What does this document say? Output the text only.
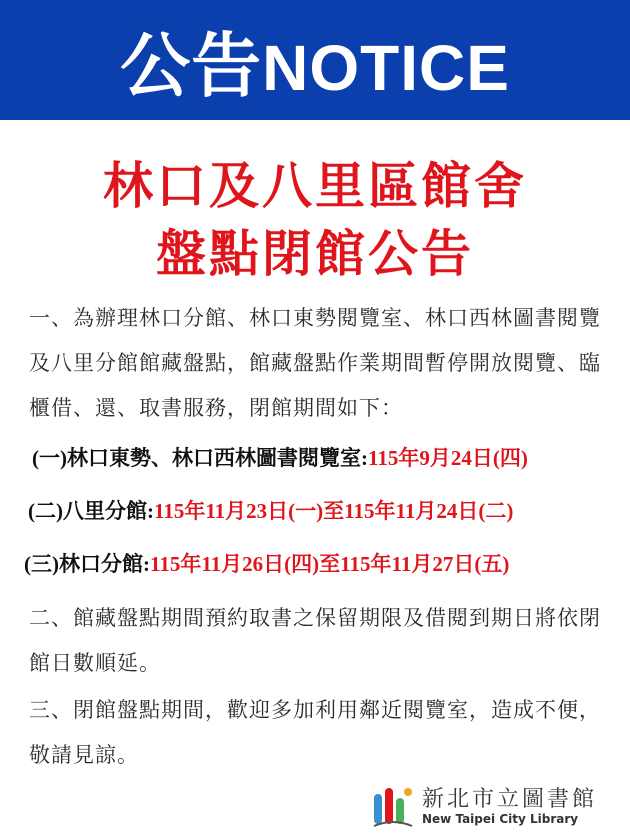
公告NOTICE
林口及八里區館舍
盤點閉館公告
一、為辦理林口分館、林口東勢閱覽室、林口西林圖書閱覽及八里分館館藏盤點，館藏盤點作業期間暫停開放閱覽、臨櫃借、還、取書服務，閉館期間如下：
(一)林口東勢、林口西林圖書閱覽室:115年9月24日(四)
(二)八里分館:115年11月23日(一)至115年11月24日(二)
(三)林口分館:115年11月26日(四)至115年11月27日(五)
二、館藏盤點期間預約取書之保留期限及借閱到期日將依閉館日數順延。
三、閉館盤點期間，歡迎多加利用鄰近閱覽室，造成不便，敬請見諒。
新北市立圖書館
New Taipei City Library
